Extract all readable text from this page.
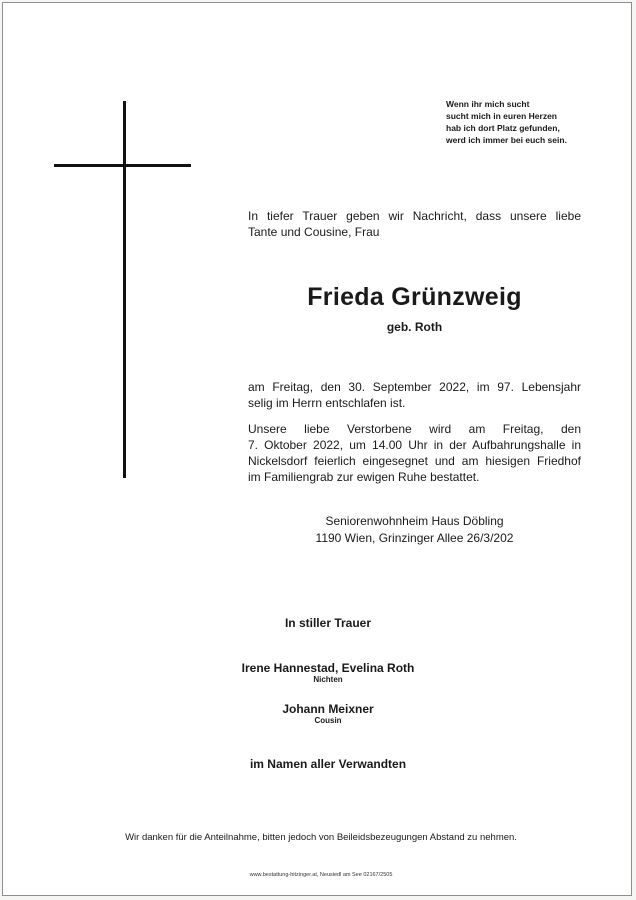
Wenn ihr mich sucht
sucht mich in euren Herzen
hab ich dort Platz gefunden,
werd ich immer bei euch sein.
In tiefer Trauer geben wir Nachricht, dass unsere liebe
Tante und Cousine, Frau
Frieda Grünzweig
geb. Roth
am Freitag, den 30. September 2022, im 97. Lebensjahr
selig im Herrn entschlafen ist.
Unsere liebe Verstorbene wird am Freitag, den
7. Oktober 2022, um 14.00 Uhr in der Aufbahrungshalle in
Nickelsdorf feierlich eingesegnet und am hiesigen Friedhof
im Familiengrab zur ewigen Ruhe bestattet.
Seniorenwohnheim Haus Döbling
1190 Wien, Grinzinger Allee 26/3/202
In stiller Trauer
Irene Hannestad, Evelina Roth
Nichten
Johann Meixner
Cousin
im Namen aller Verwandten
Wir danken für die Anteilnahme, bitten jedoch von Beileidsbezeugungen Abstand zu nehmen.
www.bestattung-hitzinger.at, Neusiedl am See 02167/2505
